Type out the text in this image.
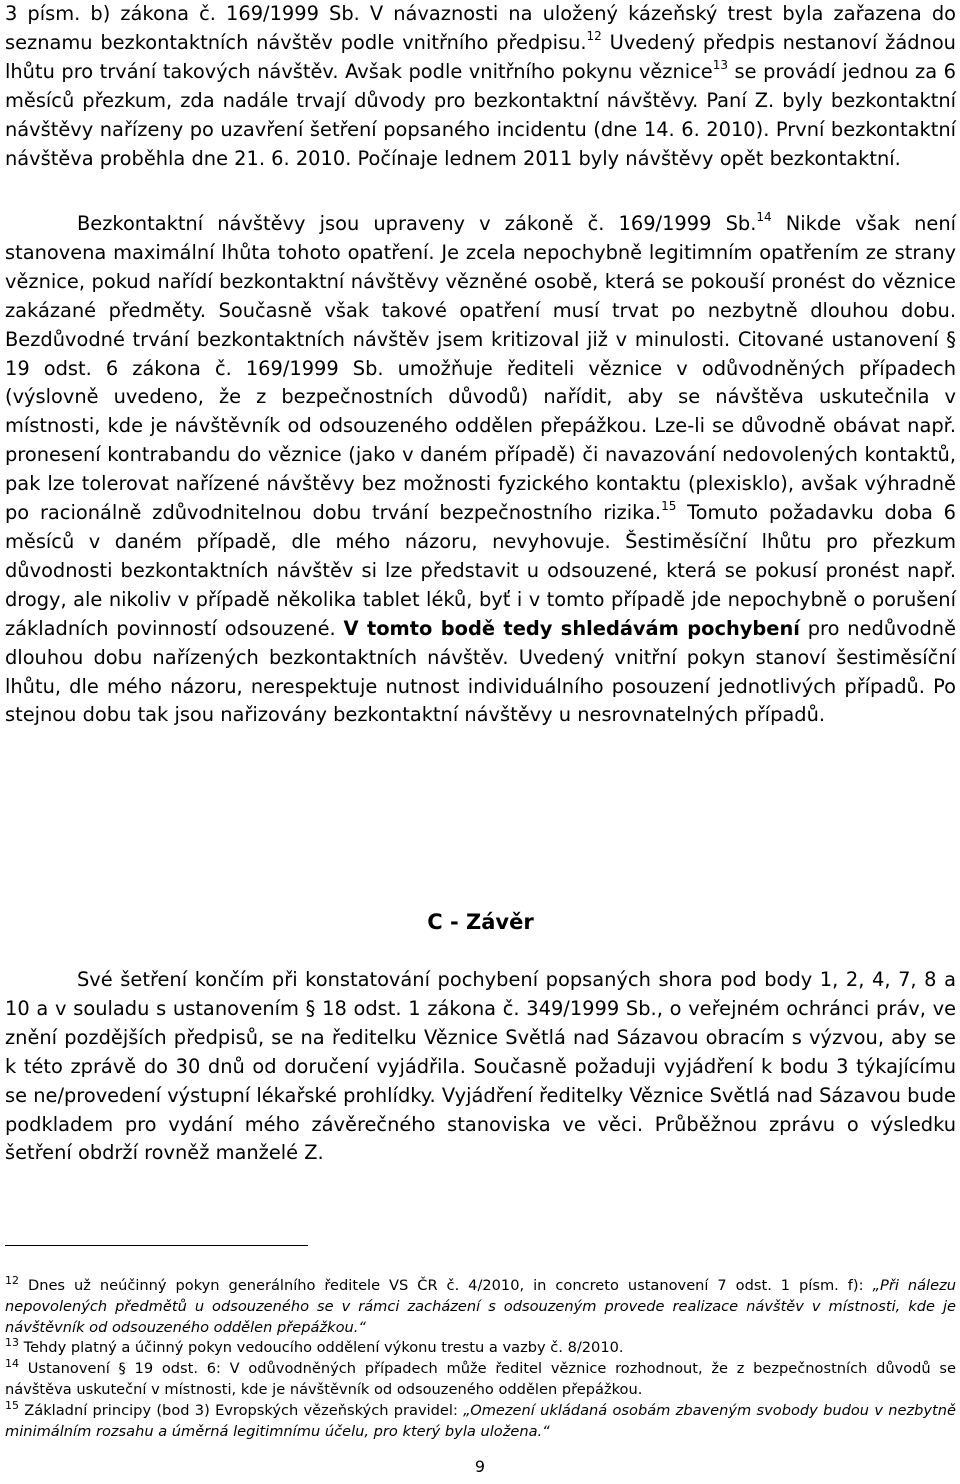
3 písm. b) zákona č. 169/1999 Sb. V návaznosti na uložený kázeňský trest byla zařazena do seznamu bezkontaktních návštěv podle vnitřního předpisu.$^{12}$ Uvedený předpis nestanoví žádnou lhůtu pro trvání takových návštěv. Avšak podle vnitřního pokynu věznice$^{13}$ se provádí jednou za 6 měsíců přezkum, zda nadále trvají důvody pro bezkontaktní návštěvy. Paní Z. byly bezkontaktní návštěvy nařízeny po uzavření šetření popsaného incidentu (dne 14. 6. 2010). První bezkontaktní návštěva proběhla dne 21. 6. 2010. Počínaje lednem 2011 byly návštěvy opět bezkontaktní.

Bezkontaktní návštěvy jsou upraveny v zákoně č. 169/1999 Sb.$^{14}$ Nikde však není stanovena maximální lhůta tohoto opatření. Je zcela nepochybně legitimním opatřením ze strany věznice, pokud nařídí bezkontaktní návštěvy vězněné osobě, která se pokouší pronést do věznice zakázané předměty. Současně však takové opatření musí trvat po nezbytně dlouhou dobu. Bezdůvodné trvání bezkontaktních návštěv jsem kritizoval již v minulosti. Citované ustanovení § 19 odst. 6 zákona č. 169/1999 Sb. umožňuje řediteli věznice v odůvodněných případech (výslovně uvedeno, že z bezpečnostních důvodů) nařídit, aby se návštěva uskutečnila v místnosti, kde je návštěvník od odsouzeného oddělen přepážkou. Lze-li se důvodně obávat např. pronesení kontrabandu do věznice (jako v daném případě) či navazování nedovolených kontaktů, pak lze tolerovat nařízené návštěvy bez možnosti fyzického kontaktu (plexisklo), avšak výhradně po racionálně zdůvodnitelnou dobu trvání bezpečnostního rizika.$^{15}$ Tomuto požadavku doba 6 měsíců v daném případě, dle mého názoru, nevyhovuje. Šestiměsíční lhůtu pro přezkum důvodnosti bezkontaktních návštěv si lze představit u odsouzené, která se pokusí pronést např. drogy, ale nikoliv v případě několika tablet léků, byť i v tomto případě jde nepochybně o porušení základních povinností odsouzené. V tomto bodě tedy shledávám pochybení pro nedůvodně dlouhou dobu nařízených bezkontaktních návštěv. Uvedený vnitřní pokyn stanoví šestiměsíční lhůtu, dle mého názoru, nerespektuje nutnost individuálního posouzení jednotlivých případů. Po stejnou dobu tak jsou nařizovány bezkontaktní návštěvy u nesrovnatelných případů.

C - Závěr

Své šetření končím při konstatování pochybení popsaných shora pod body 1, 2, 4, 7, 8 a 10 a v souladu s ustanovením § 18 odst. 1 zákona č. 349/1999 Sb., o veřejném ochránci práv, ve znění pozdějších předpisů, se na ředitelku Věznice Světlá nad Sázavou obracím s výzvou, aby se k této zprávě do 30 dnů od doručení vyjádřila. Současně požaduji vyjádření k bodu 3 týkajícímu se ne/provedení výstupní lékařské prohlídky. Vyjádření ředitelky Věznice Světlá nad Sázavou bude podkladem pro vydání mého závěrečného stanoviska ve věci. Průběžnou zprávu o výsledku šetření obdrží rovněž manželé Z.

$^{12}$ Dnes už neúčinný pokyn generálního ředitele VS ČR č. 4/2010, in concreto ustanovení 7 odst. 1 písm. f): „Při nálezu nepovolených předmětů u odsouzeného se v rámci zacházení s odsouzeným provede realizace návštěv v místnosti, kde je návštěvník od odsouzeného oddělen přepážkou.“

$^{13}$ Tehdy platný a účinný pokyn vedoucího oddělení výkonu trestu a vazby č. 8/2010.

$^{14}$ Ustanovení § 19 odst. 6: V odůvodněných případech může ředitel věznice rozhodnout, že z bezpečnostních důvodů se návštěva uskuteční v místnosti, kde je návštěvník od odsouzeného oddělen přepážkou.

$^{15}$ Základní principy (bod 3) Evropských vězeňských pravidel: „Omezení ukládaná osobám zbaveným svobody budou v nezbytně minimálním rozsahu a úměrná legitimnímu účelu, pro který byla uložena.“

9
